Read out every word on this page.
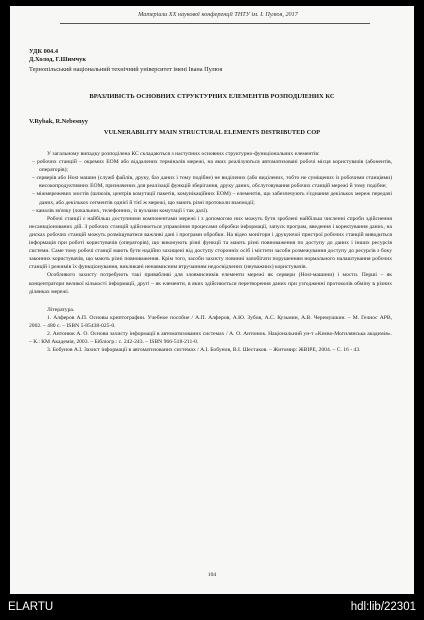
Матеріали XX наукової конференції ТНТУ ім. І. Пулюя, 2017
УДК 004.4
Д.Холод, Г.Шимчук
Тернопільський національний технічний університет імені Івана Пулюя
ВРАЗЛИВІСТЬ ОСНОВНИХ СТРУКТУРНИХ ЕЛЕМЕНТІВ РОЗПОДІЛЕНИХ КС
V.Rybak, R.Nebesnyy
VULNERABILITY MAIN STRUCTURAL ELEMENTS DISTRIBUTED COP

У загальному випадку розподілена КС складаються з наступних основних структурно-функціональних елементів:

– робочих станцій – окремих ЕОМ або віддалених терміналів мережі, на яких реалізуються автоматизовані робочі місця користувачів (абонентів, операторів);
– серверів або Host машин (служб файлів, друку, баз даних і тому подібне) не виділених (або виділених, тобто не суміщених із робочими станціями) високопродуктивних ЕОМ, призначених для реалізації функцій зберігання, друку даних, обслуговування робочих станцій мережі й тому подібне;
– міжмережевих мостів (шлюзів, центрів комутації пакетів, комунікаційних ЕОМ) – елементів, що забезпечують з'єднання декількох мереж передачі даних, або декількох сегментів однієї й тієї ж мережі, що мають різні протоколи взаємодії;
– каналів зв'язку (локальних, телефонних, із вузлами комутації і так далі).

Робочі станції є найбільш доступними компонентами мережі і з допомогою них можуть бути зроблені найбільш численні спроби здійснення несанкціонованих дій. З робочих станцій здійснюється управління процесами обробки інформації, запуск програм, введення і коректування даних, на дисках робочих станцій можуть розміщуватися важливі дані і програми обробки. На відео монітори і друкуючої пристрої робочих станцій виводиться інформація при роботі користувачів (операторів), що виконують різні функції та мають різні повноваження по доступу до даних і інших ресурсів системи. Саме тому робочі станції мають бути надійно захищені від доступу сторонніх осіб і містити засоби розмежування доступу до ресурсів з боку законних користувачів, що мають різні повноваження. Крім того, засоби захисту повинні запобігати порушенням нормального налаштування робочих станцій і режимів їх функціонування, викликані ненавмисним втручанням недосвідчених (неуважних) користувачів.

Особливого захисту потребують такі привабливі для зловмисників елементи мережі як сервери (Host-машини) і мости. Перші – як концентратори великої кількості інформації, другі – як елементи, в яких здійснюється перетворення даних при узгодженні протоколів обміну в різних ділянках мережі.

Література.

1. Алферов А.П. Основы криптографии. Учебное пособие / А.П. Алферов, А.Ю. Зубов, А.С. Кузьмин, А.В. Черемушкин. – М. Гелиос АРВ, 2002. – 480 с. – ISBN 5-85438-025-0.

2. Антонюк А. О. Основи захисту інформації в автоматизованих системах / А. О. Антонюк. Національний ун-т «Києво-Могилянська академія». – К.: КМ Академія, 2003. – Бібліогр.: с. 242-243. – ISBN 966-518-211-0.

3. Бобунов А.І. Захист інформації в автоматизованих системах / А.І. Бобунов, В.І. Шестаков. – Житомир: ЖВІРЕ, 2004. – С. 16 - 43.

104
ELARTU	hdl:lib/22301
